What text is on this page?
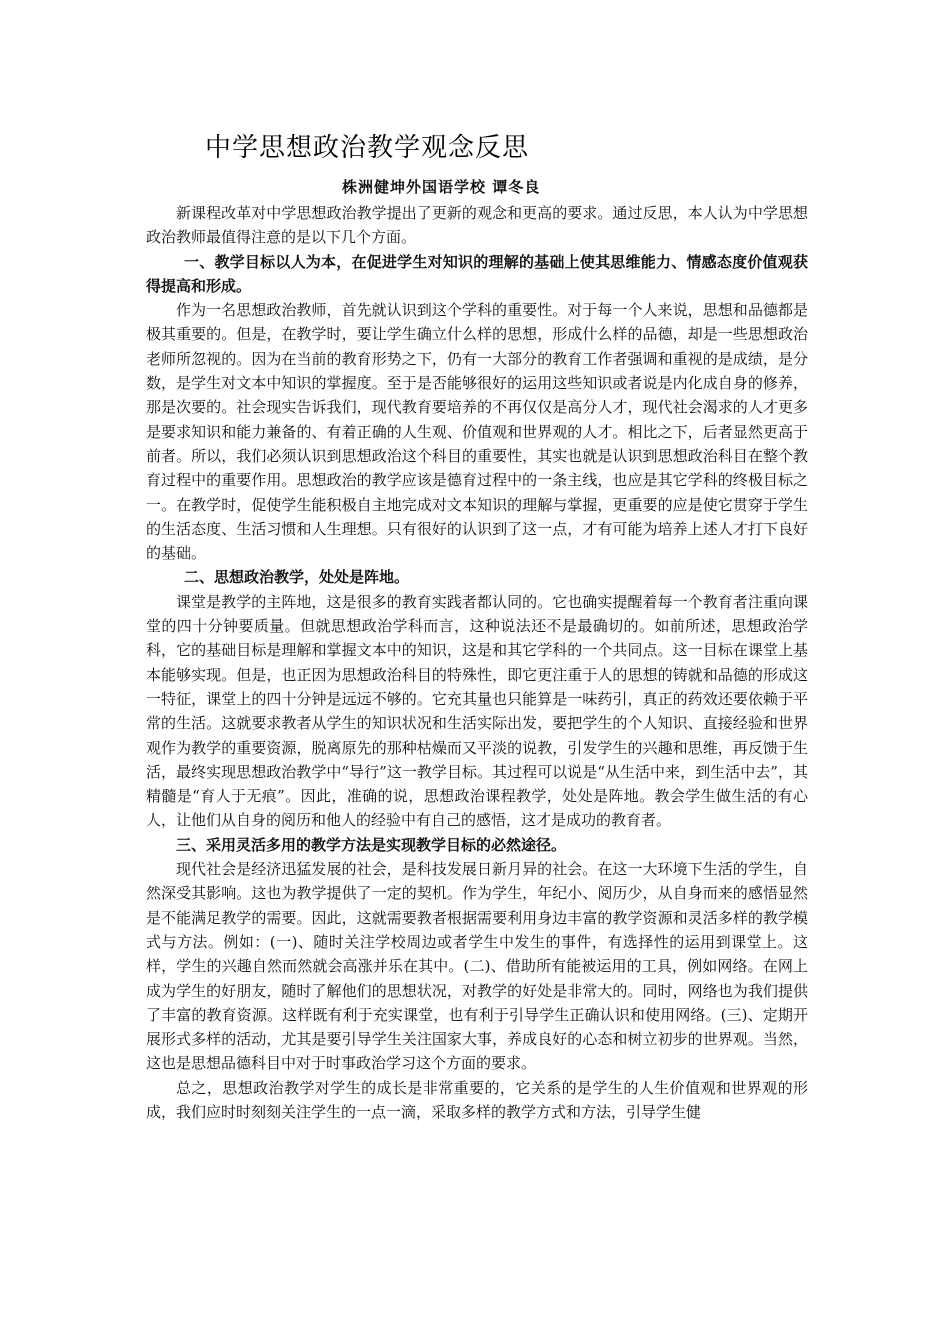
中学思想政治教学观念反思
株洲健坤外国语学校 谭冬良

新课程改革对中学思想政治教学提出了更新的观念和更高的要求。通过反思，本人认为中学思想政治教师最值得注意的是以下几个方面。

一、教学目标以人为本，在促进学生对知识的理解的基础上使其思维能力、情感态度价值观获得提高和形成。

作为一名思想政治教师，首先就认识到这个学科的重要性。对于每一个人来说，思想和品德都是极其重要的。但是，在教学时，要让学生确立什么样的思想，形成什么样的品德，却是一些思想政治老师所忽视的。因为在当前的教育形势之下，仍有一大部分的教育工作者强调和重视的是成绩，是分数，是学生对文本中知识的掌握度。至于是否能够很好的运用这些知识或者说是内化成自身的修养，那是次要的。社会现实告诉我们，现代教育要培养的不再仅仅是高分人才，现代社会渴求的人才更多是要求知识和能力兼备的、有着正确的人生观、价值观和世界观的人才。相比之下，后者显然更高于前者。所以，我们必须认识到思想政治这个科目的重要性，其实也就是认识到思想政治科目在整个教育过程中的重要作用。思想政治的教学应该是德育过程中的一条主线，也应是其它学科的终极目标之一。在教学时，促使学生能积极自主地完成对文本知识的理解与掌握，更重要的应是使它贯穿于学生的生活态度、生活习惯和人生理想。只有很好的认识到了这一点，才有可能为培养上述人才打下良好的基础。

二、思想政治教学，处处是阵地。

课堂是教学的主阵地，这是很多的教育实践者都认同的。它也确实提醒着每一个教育者注重向课堂的四十分钟要质量。但就思想政治学科而言，这种说法还不是最确切的。如前所述，思想政治学科，它的基础目标是理解和掌握文本中的知识，这是和其它学科的一个共同点。这一目标在课堂上基本能够实现。但是，也正因为思想政治科目的特殊性，即它更注重于人的思想的铸就和品德的形成这一特征，课堂上的四十分钟是远远不够的。它充其量也只能算是一味药引，真正的药效还要依赖于平常的生活。这就要求教者从学生的知识状况和生活实际出发，要把学生的个人知识、直接经验和世界观作为教学的重要资源，脱离原先的那种枯燥而又平淡的说教，引发学生的兴趣和思维，再反馈于生活，最终实现思想政治教学中“导行”这一教学目标。其过程可以说是“从生活中来，到生活中去”，其精髓是“育人于无痕”。因此，准确的说，思想政治课程教学，处处是阵地。教会学生做生活的有心人，让他们从自身的阅历和他人的经验中有自己的感悟，这才是成功的教育者。

三、采用灵活多用的教学方法是实现教学目标的必然途径。

现代社会是经济迅猛发展的社会，是科技发展日新月异的社会。在这一大环境下生活的学生，自然深受其影响。这也为教学提供了一定的契机。作为学生，年纪小、阅历少，从自身而来的感悟显然是不能满足教学的需要。因此，这就需要教者根据需要利用身边丰富的教学资源和灵活多样的教学模式与方法。例如：(一)、随时关注学校周边或者学生中发生的事件，有选择性的运用到课堂上。这样，学生的兴趣自然而然就会高涨并乐在其中。(二)、借助所有能被运用的工具，例如网络。在网上成为学生的好朋友，随时了解他们的思想状况，对教学的好处是非常大的。同时，网络也为我们提供了丰富的教育资源。这样既有利于充实课堂，也有利于引导学生正确认识和使用网络。(三)、定期开展形式多样的活动，尤其是要引导学生关注国家大事，养成良好的心态和树立初步的世界观。当然，这也是思想品德科目中对于时事政治学习这个方面的要求。

总之，思想政治教学对学生的成长是非常重要的，它关系的是学生的人生价值观和世界观的形成，我们应时时刻刻关注学生的一点一滴，采取多样的教学方式和方法，引导学生健
